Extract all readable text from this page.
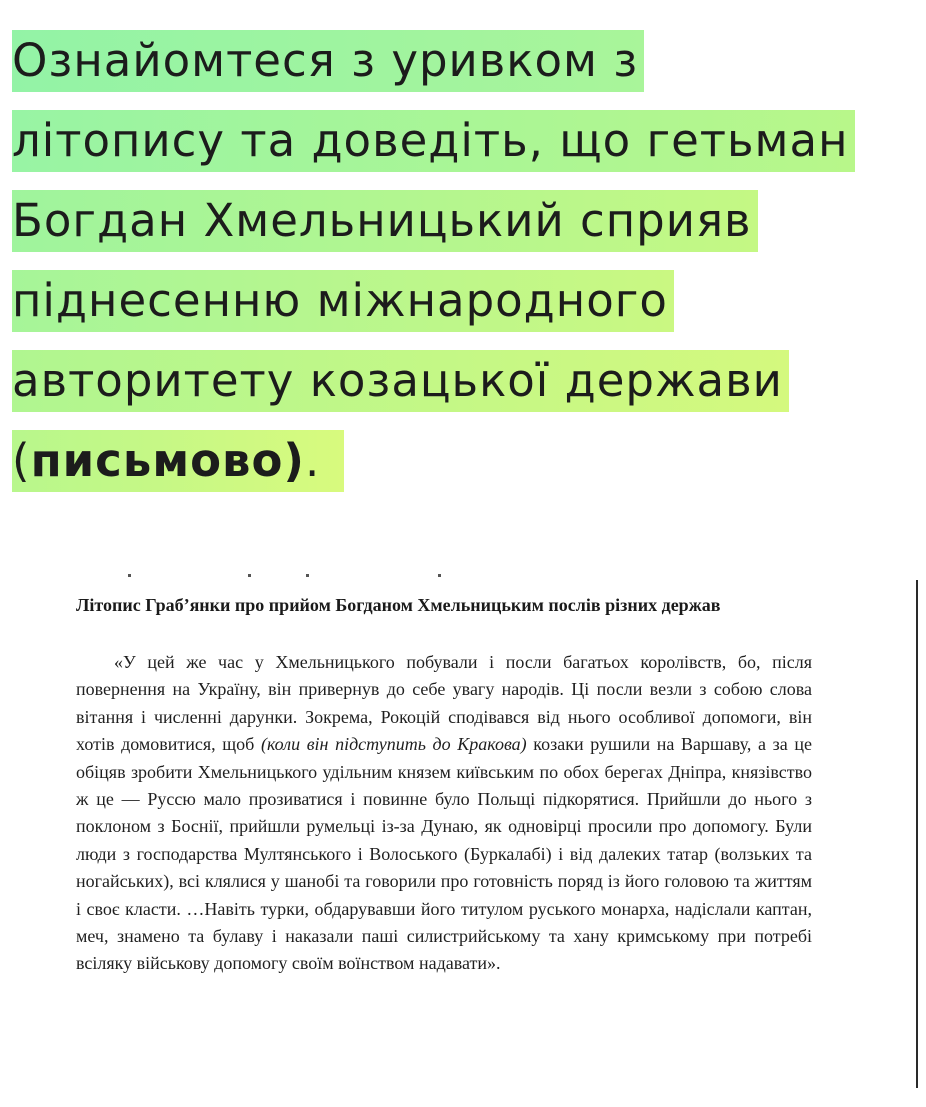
Ознайомтеся з уривком з
літопису та доведіть, що гетьман
Богдан Хмельницький сприяв
піднесенню міжнародного
авторитету козацької держави
(письмово).
Літопис Граб’янки про прийом Богданом Хмельницьким послів різних держав
«У цей же час у Хмельницького побували і посли багатьох королівств, бо, після повернення на Україну, він привернув до себе увагу народів. Ці посли везли з собою слова вітання і численні дарунки. Зокрема, Рокоцій сподівався від нього особливої допомоги, він хотів домовитися, щоб (коли він підступить до Кракова) козаки рушили на Варшаву, а за це обіцяв зробити Хмельницького удільним князем київським по обох берегах Дніпра, князівство ж це — Руссю мало прозиватися і повинне було Польщі підкорятися. Прийшли до нього з поклоном з Боснії, прийшли румельці із-за Дунаю, як одновірці просили про допомогу. Були люди з господарства Мултянського і Волоського (Буркалабі) і від далеких татар (волзьких та ногайських), всі клялися у шанобі та говорили про готовність поряд із його головою та життям і своє класти. …Навіть турки, обдарувавши його титулом руського монарха, надіслали каптан, меч, знамено та булаву і наказали паші силистрийському та хану кримському при потребі всіляку військову допомогу своїм воїнством надавати».
